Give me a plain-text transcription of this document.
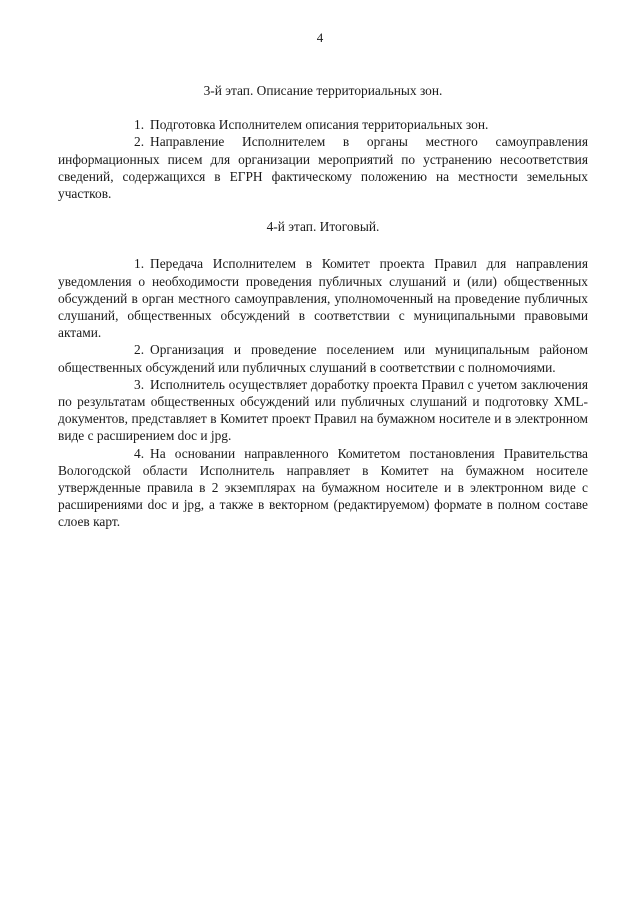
4
3-й этап. Описание территориальных зон.

1. Подготовка Исполнителем описания территориальных зон.

2. Направление Исполнителем в органы местного самоуправления информационных писем для организации мероприятий по устранению несоответствия сведений, содержащихся в ЕГРН фактическому положению на местности земельных участков.

4-й этап. Итоговый.

1. Передача Исполнителем в Комитет проекта Правил для направления уведомления о необходимости проведения публичных слушаний и (или) общественных обсуждений в орган местного самоуправления, уполномоченный на проведение публичных слушаний, общественных обсуждений в соответствии с муниципальными правовыми актами.

2. Организация и проведение поселением или муниципальным районом общественных обсуждений или публичных слушаний в соответствии с полномочиями.

3. Исполнитель осуществляет доработку проекта Правил с учетом заключения по результатам общественных обсуждений или публичных слушаний и подготовку XML-документов, представляет в Комитет проект Правил на бумажном носителе и в электронном виде с расширением doc и jpg.

4. На основании направленного Комитетом постановления Правительства Вологодской области Исполнитель направляет в Комитет на бумажном носителе утвержденные правила в 2 экземплярах на бумажном носителе и в электронном виде с расширениями doc и jpg, а также в векторном (редактируемом) формате в полном составе слоев карт.
